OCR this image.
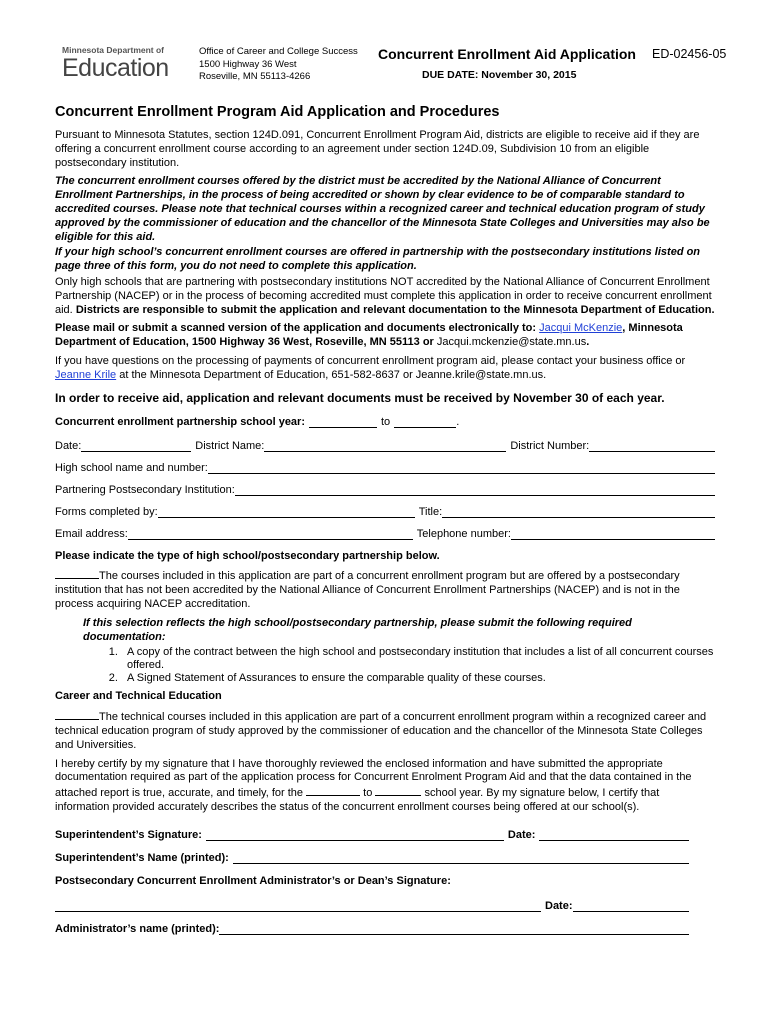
Minnesota Department of
Education
Office of Career and College Success
1500 Highway 36 West
Roseville, MN 55113-4266
Concurrent Enrollment Aid Application ED-02456-05
DUE DATE: November 30, 2015
Concurrent Enrollment Program Aid Application and Procedures

Pursuant to Minnesota Statutes, section 124D.091, Concurrent Enrollment Program Aid, districts are eligible to receive aid if they are offering a concurrent enrollment course according to an agreement under section 124D.09, Subdivision 10 from an eligible postsecondary institution.

The concurrent enrollment courses offered by the district must be accredited by the National Alliance of Concurrent Enrollment Partnerships, in the process of being accredited or shown by clear evidence to be of comparable standard to accredited courses. Please note that technical courses within a recognized career and technical education program of study approved by the commissioner of education and the chancellor of the Minnesota State Colleges and Universities may also be eligible for this aid.

If your high school’s concurrent enrollment courses are offered in partnership with the postsecondary institutions listed on page three of this form, you do not need to complete this application.

Only high schools that are partnering with postsecondary institutions NOT accredited by the National Alliance of Concurrent Enrollment Partnership (NACEP) or in the process of becoming accredited must complete this application in order to receive concurrent enrollment aid. Districts are responsible to submit the application and relevant documentation to the Minnesota Department of Education.

Please mail or submit a scanned version of the application and documents electronically to: Jacqui McKenzie, Minnesota Department of Education, 1500 Highway 36 West, Roseville, MN 55113 or Jacqui.mckenzie@state.mn.us.

If you have questions on the processing of payments of concurrent enrollment program aid, please contact your business office or Jeanne Krile at the Minnesota Department of Education, 651-582-8637 or Jeanne.krile@state.mn.us.

In order to receive aid, application and relevant documents must be received by November 30 of each year.
Concurrent enrollment partnership school year:	to	.
Date:	District Name:	District Number:
High school name and number:
Partnering Postsecondary Institution:
Forms completed by:	Title:
Email address:	Telephone number:

Please indicate the type of high school/postsecondary partnership below.

The courses included in this application are part of a concurrent enrollment program but are offered by a postsecondary institution that has not been accredited by the National Alliance of Concurrent Enrollment Partnerships (NACEP) and is not in the process acquiring NACEP accreditation.

If this selection reflects the high school/postsecondary partnership, please submit the following required documentation:

1. A copy of the contract between the high school and postsecondary institution that includes a list of all concurrent courses offered.
2. A Signed Statement of Assurances to ensure the comparable quality of these courses.

Career and Technical Education

The technical courses included in this application are part of a concurrent enrollment program within a recognized career and technical education program of study approved by the commissioner of education and the chancellor of the Minnesota State Colleges and Universities.

I hereby certify by my signature that I have thoroughly reviewed the enclosed information and have submitted the appropriate documentation required as part of the application process for Concurrent Enrolment Program Aid and that the data contained in the attached report is true, accurate, and timely, for the	to	school year. By my signature below, I certify that information provided accurately describes the status of the concurrent enrollment courses being offered at our school(s).

Superintendent’s Signature:	Date:
Superintendent’s Name (printed):

Postsecondary Concurrent Enrollment Administrator’s or Dean’s Signature:

Date:
Administrator’s name (printed):
